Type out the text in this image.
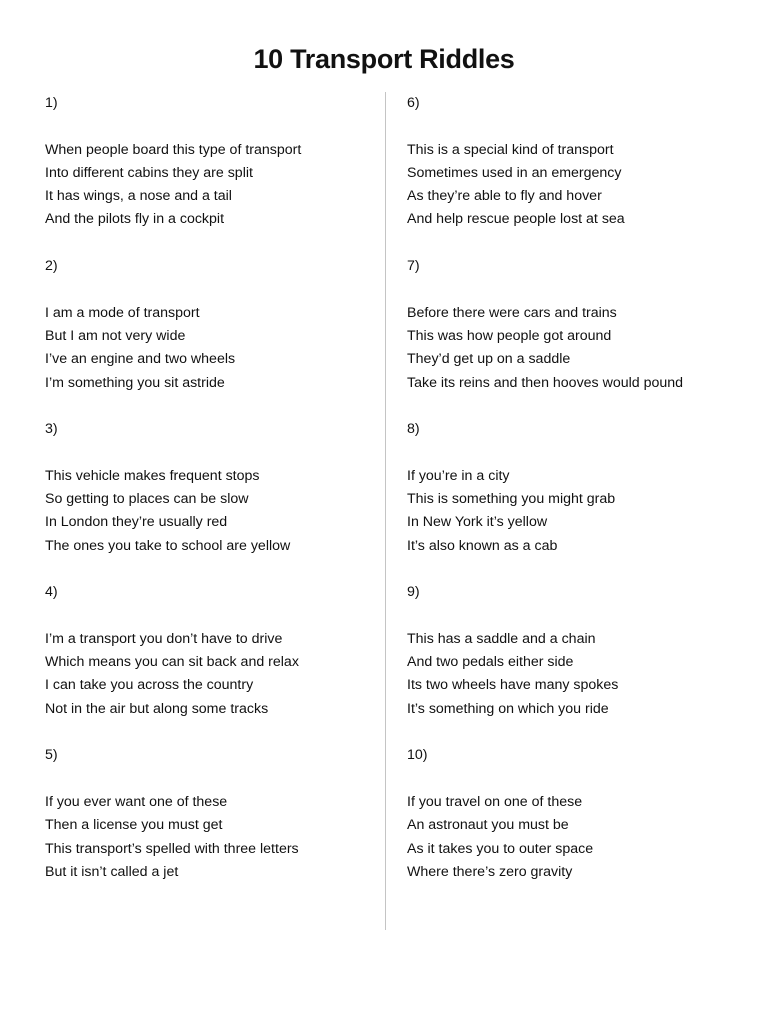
10 Transport Riddles
1)
When people board this type of transport
Into different cabins they are split
It has wings, a nose and a tail
And the pilots fly in a cockpit
2)
I am a mode of transport
But I am not very wide
I’ve an engine and two wheels
I’m something you sit astride
3)
This vehicle makes frequent stops
So getting to places can be slow
In London they’re usually red
The ones you take to school are yellow
4)
I’m a transport you don’t have to drive
Which means you can sit back and relax
I can take you across the country
Not in the air but along some tracks
5)
If you ever want one of these
Then a license you must get
This transport’s spelled with three letters
But it isn’t called a jet
6)
This is a special kind of transport
Sometimes used in an emergency
As they’re able to fly and hover
And help rescue people lost at sea
7)
Before there were cars and trains
This was how people got around
They’d get up on a saddle
Take its reins and then hooves would pound
8)
If you’re in a city
This is something you might grab
In New York it’s yellow
It’s also known as a cab
9)
This has a saddle and a chain
And two pedals either side
Its two wheels have many spokes
It’s something on which you ride
10)
If you travel on one of these
An astronaut you must be
As it takes you to outer space
Where there’s zero gravity
